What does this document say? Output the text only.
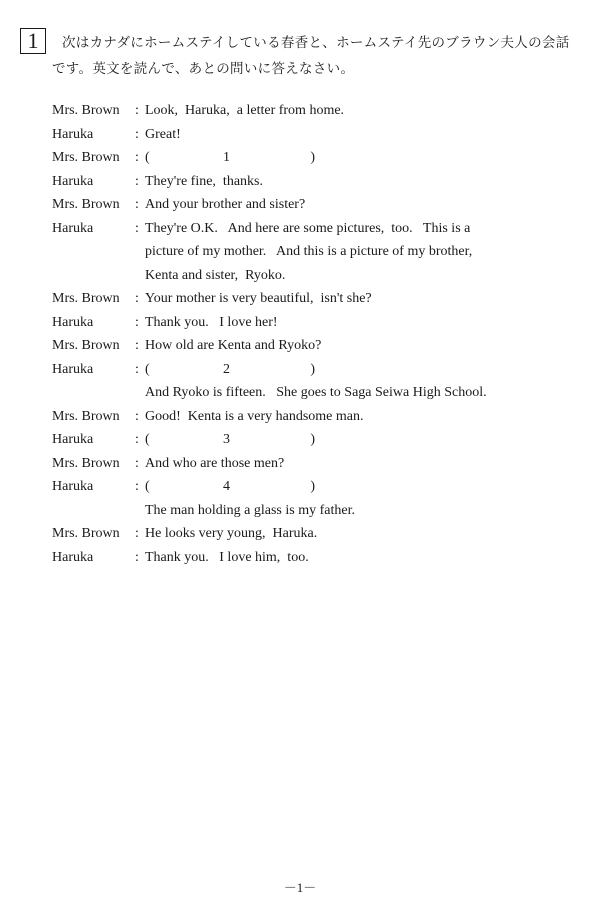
1	次はカナダにホームステイしている春香と、ホームステイ先のブラウン夫人の会話です。英文を読んで、あとの問いに答えなさい。
Mrs. Brown	: Look,  Haruka,  a letter from home.

Haruka	: Great!

Mrs. Brown	: (	1	)

Haruka	: They're fine,  thanks.

Mrs. Brown	: And your brother and sister?

Haruka	: They're O.K.   And here are some pictures,  too.   This is a

picture of my mother.   And this is a picture of my brother,

Kenta and sister,  Ryoko.

Mrs. Brown	: Your mother is very beautiful,  isn't she?

Haruka	: Thank you.   I love her!

Mrs. Brown	: How old are Kenta and Ryoko?

Haruka	: (	2	)

And Ryoko is fifteen.   She goes to Saga Seiwa High School.

Mrs. Brown	: Good!  Kenta is a very handsome man.

Haruka	: (	3	)

Mrs. Brown	: And who are those men?

Haruka	: (	4	)

The man holding a glass is my father.

Mrs. Brown	: He looks very young,  Haruka.

Haruka	: Thank you.   I love him,  too.

－1－
